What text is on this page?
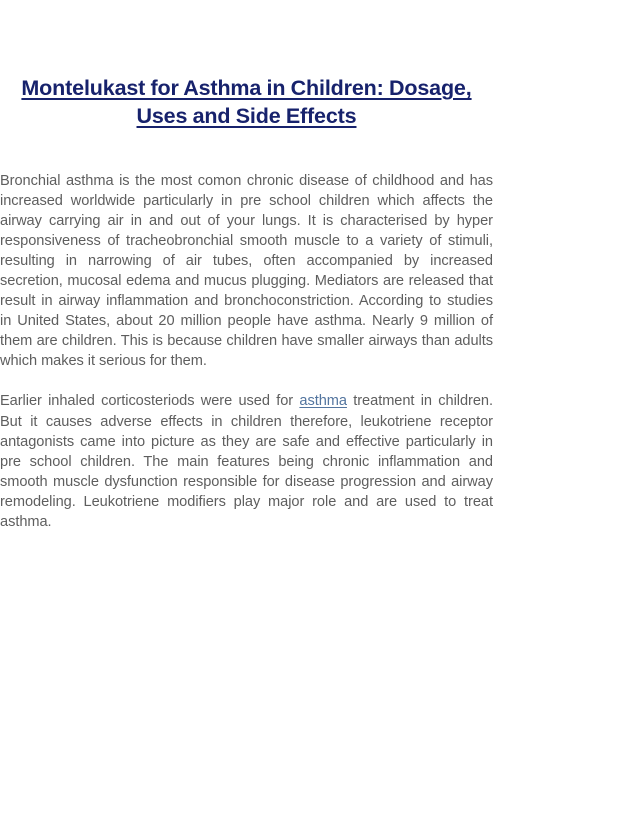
Montelukast for Asthma in Children: Dosage,
Uses and Side Effects

Bronchial asthma is the most comon chronic disease of childhood and has increased worldwide particularly in pre school children which affects the airway carrying air in and out of your lungs. It is characterised by hyper responsiveness of tracheobronchial smooth muscle to a variety of stimuli, resulting in narrowing of air tubes, often accompanied by increased secretion, mucosal edema and mucus plugging. Mediators are released that result in airway inflammation and bronchoconstriction. According to studies in United States, about 20 million people have asthma. Nearly 9 million of them are children. This is because children have smaller airways than adults which makes it serious for them.

Earlier inhaled corticosteriods were used for asthma treatment in children. But it causes adverse effects in children therefore, leukotriene receptor antagonists came into picture as they are safe and effective particularly in pre school children. The main features being chronic inflammation and smooth muscle dysfunction responsible for disease progression and airway remodeling. Leukotriene modifiers play major role and are used to treat asthma.
